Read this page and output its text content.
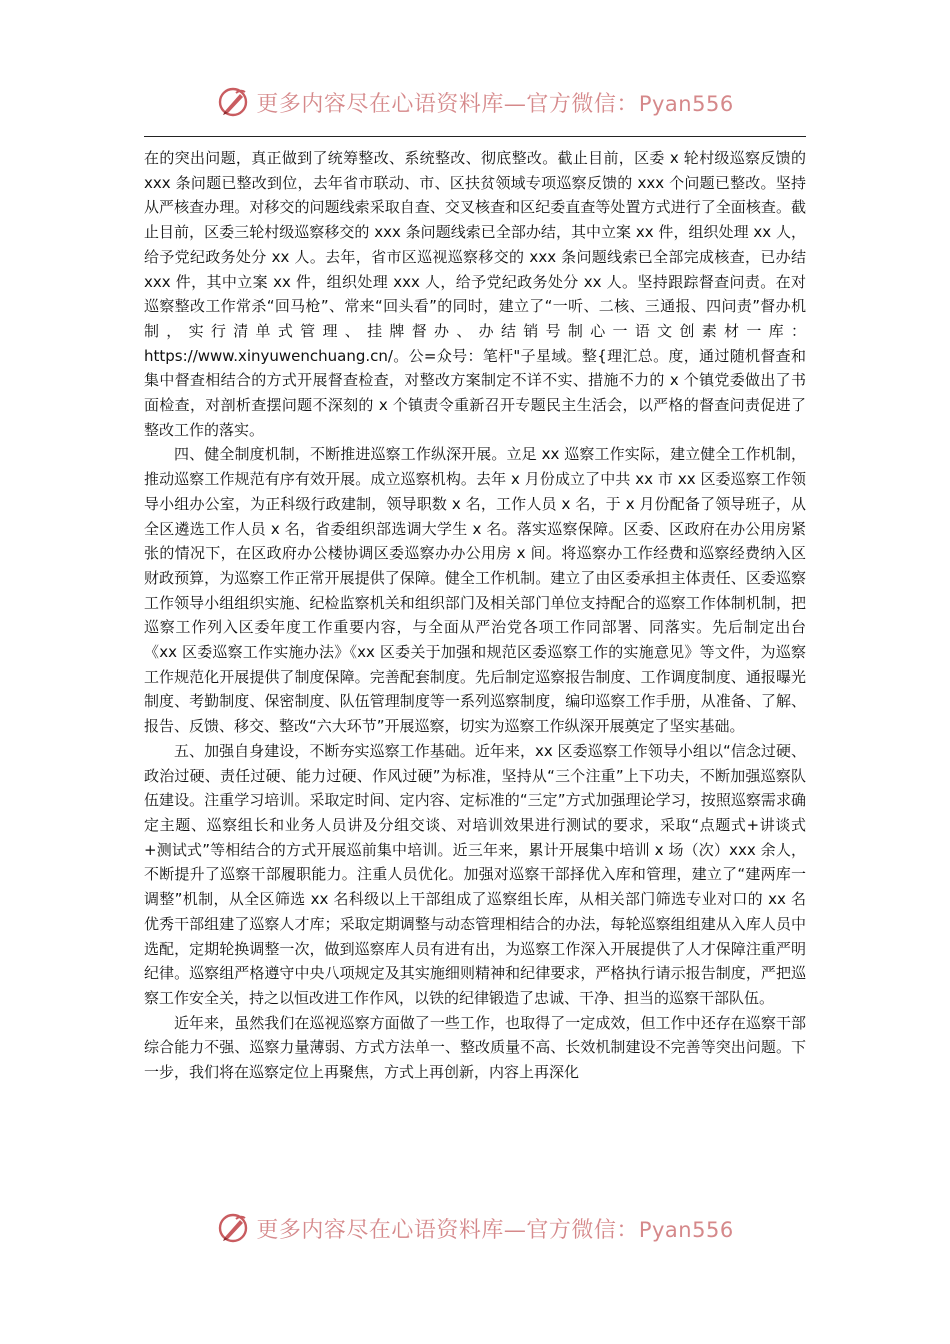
更多内容尽在心语资料库—官方微信：Pyan556

在的突出问题，真正做到了统筹整改、系统整改、彻底整改。截止目前，区委 x 轮村级巡察反馈的 xxx 条问题已整改到位，去年省市联动、市、区扶贫领域专项巡察反馈的 xxx 个问题已整改。坚持从严核查办理。对移交的问题线索采取自查、交叉核查和区纪委直查等处置方式进行了全面核查。截止目前，区委三轮村级巡察移交的 xxx 条问题线索已全部办结，其中立案 xx 件，组织处理 xx 人，给予党纪政务处分 xx 人。去年，省市区巡视巡察移交的 xxx 条问题线索已全部完成核查，已办结 xxx 件，其中立案 xx 件，组织处理 xxx 人，给予党纪政务处分 xx 人。坚持跟踪督查问责。在对巡察整改工作常杀“回马枪”、常来“回头看”的同时，建立了“一听、二核、三通报、四问责”督办机制，实行清单式管理、挂牌督办、办结销号制心一语文创素材一库：https://www.xinyuwenchuang.cn/。公=众号：笔杆"子星域。整{理汇总。度，通过随机督查和集中督查相结合的方式开展督查检查，对整改方案制定不详不实、措施不力的 x 个镇党委做出了书面检查，对剖析查摆问题不深刻的 x 个镇责令重新召开专题民主生活会，以严格的督查问责促进了整改工作的落实。

四、健全制度机制，不断推进巡察工作纵深开展。立足 xx 巡察工作实际，建立健全工作机制，推动巡察工作规范有序有效开展。成立巡察机构。去年 x 月份成立了中共 xx 市 xx 区委巡察工作领导小组办公室，为正科级行政建制，领导职数 x 名，工作人员 x 名，于 x 月份配备了领导班子，从全区遴选工作人员 x 名，省委组织部选调大学生 x 名。落实巡察保障。区委、区政府在办公用房紧张的情况下，在区政府办公楼协调区委巡察办办公用房 x 间。将巡察办工作经费和巡察经费纳入区财政预算，为巡察工作正常开展提供了保障。健全工作机制。建立了由区委承担主体责任、区委巡察工作领导小组组织实施、纪检监察机关和组织部门及相关部门单位支持配合的巡察工作体制机制，把巡察工作列入区委年度工作重要内容，与全面从严治党各项工作同部署、同落实。先后制定出台《xx 区委巡察工作实施办法》《xx 区委关于加强和规范区委巡察工作的实施意见》等文件，为巡察工作规范化开展提供了制度保障。完善配套制度。先后制定巡察报告制度、工作调度制度、通报曝光制度、考勤制度、保密制度、队伍管理制度等一系列巡察制度，编印巡察工作手册，从准备、了解、报告、反馈、移交、整改“六大环节”开展巡察，切实为巡察工作纵深开展奠定了坚实基础。

五、加强自身建设，不断夯实巡察工作基础。近年来，xx 区委巡察工作领导小组以“信念过硬、政治过硬、责任过硬、能力过硬、作风过硬”为标准，坚持从“三个注重”上下功夫，不断加强巡察队伍建设。注重学习培训。采取定时间、定内容、定标准的“三定”方式加强理论学习，按照巡察需求确定主题、巡察组长和业务人员讲及分组交谈、对培训效果进行测试的要求，采取“点题式+讲谈式+测试式”等相结合的方式开展巡前集中培训。近三年来，累计开展集中培训 x 场（次）xxx 余人，不断提升了巡察干部履职能力。注重人员优化。加强对巡察干部择优入库和管理，建立了“建两库一调整”机制，从全区筛选 xx 名科级以上干部组成了巡察组长库，从相关部门筛选专业对口的 xx 名优秀干部组建了巡察人才库；采取定期调整与动态管理相结合的办法，每轮巡察组组建从入库人员中选配，定期轮换调整一次，做到巡察库人员有进有出，为巡察工作深入开展提供了人才保障注重严明纪律。巡察组严格遵守中央八项规定及其实施细则精神和纪律要求，严格执行请示报告制度，严把巡察工作安全关，持之以恒改进工作作风，以铁的纪律锻造了忠诚、干净、担当的巡察干部队伍。

近年来，虽然我们在巡视巡察方面做了一些工作，也取得了一定成效，但工作中还存在巡察干部综合能力不强、巡察力量薄弱、方式方法单一、整改质量不高、长效机制建设不完善等突出问题。下一步，我们将在巡察定位上再聚焦，方式上再创新，内容上再深化

更多内容尽在心语资料库—官方微信：Pyan556
